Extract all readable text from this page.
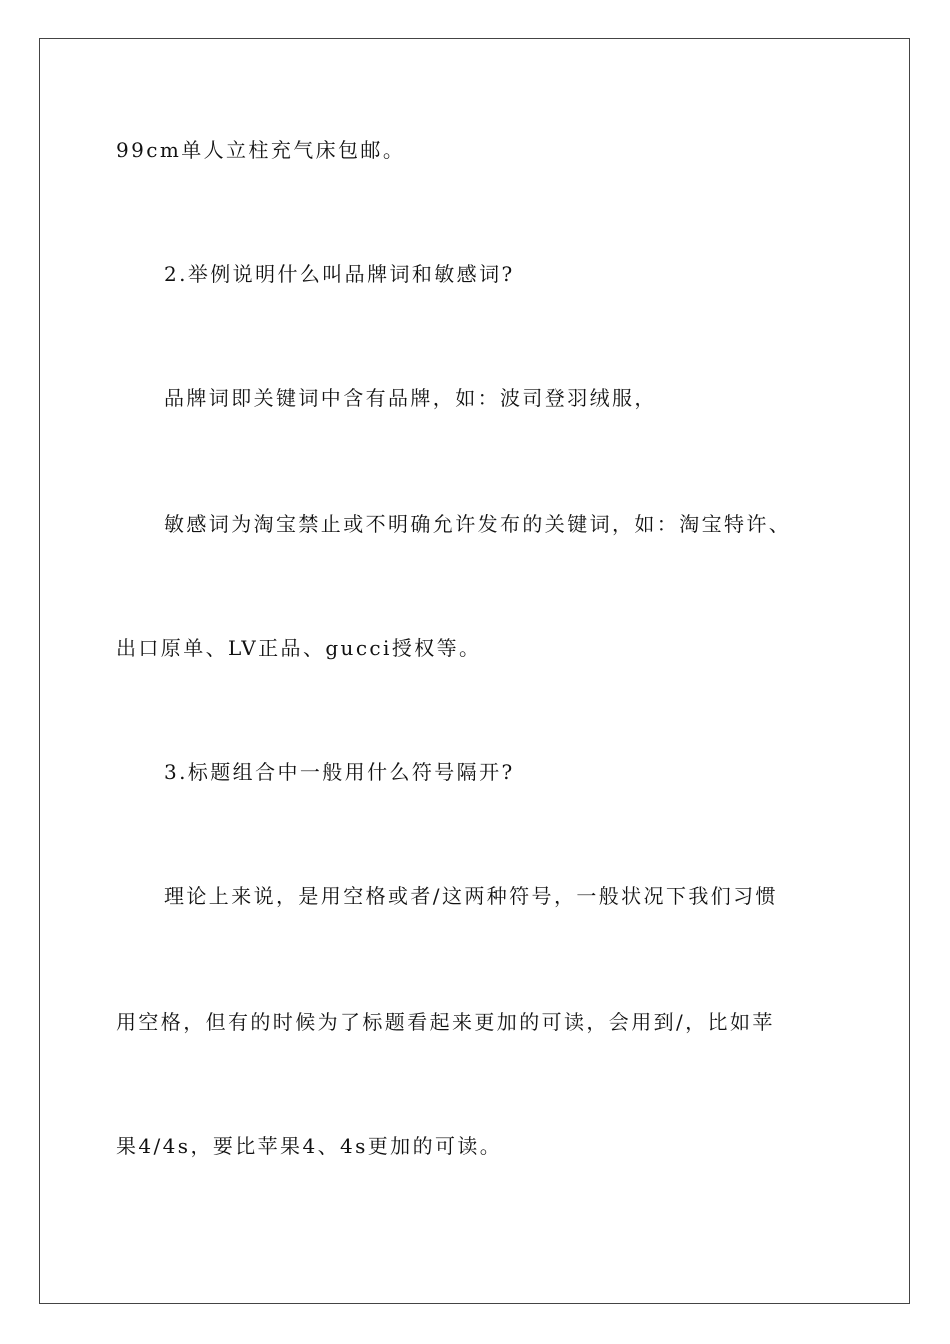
99cm单人立柱充气床包邮。
2.举例说明什么叫品牌词和敏感词?
品牌词即关键词中含有品牌，如：波司登羽绒服，
敏感词为淘宝禁止或不明确允许发布的关键词，如：淘宝特许、
出口原单、LV正品、gucci授权等。
3.标题组合中一般用什么符号隔开?
理论上来说，是用空格或者/这两种符号，一般状况下我们习惯
用空格，但有的时候为了标题看起来更加的可读，会用到/，比如苹
果4/4s，要比苹果4、4s更加的可读。
